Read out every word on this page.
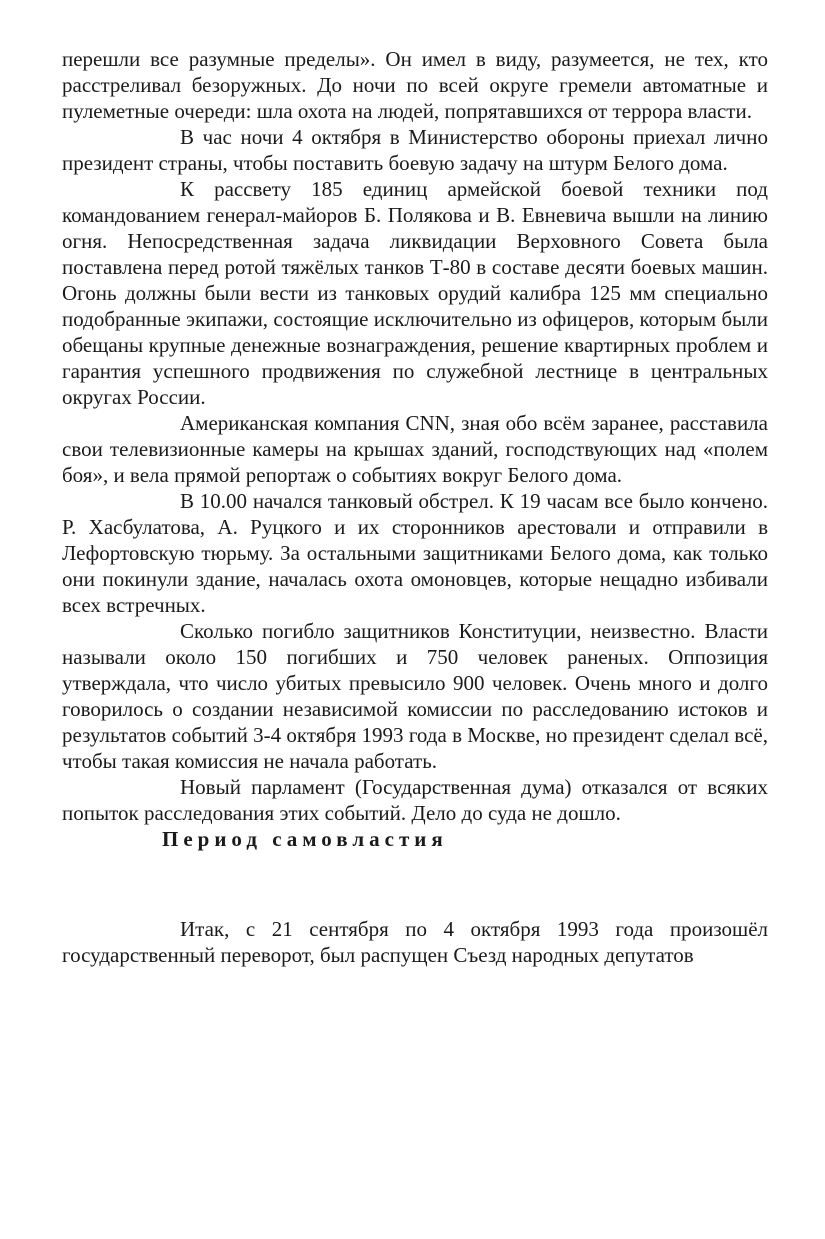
перешли все разумные пределы». Он имел в виду, разумеется, не тех, кто расстреливал безоружных. До ночи по всей округе гремели автоматные и пулеметные очереди: шла охота на людей, попрятавшихся от террора власти.

В час ночи 4 октября в Министерство обороны приехал лично президент страны, чтобы поставить боевую задачу на штурм Белого дома.

К рассвету 185 единиц армейской боевой техники под командованием генерал-майоров Б. Полякова и В. Евневича вышли на линию огня. Непосредственная задача ликвидации Верховного Совета была поставлена перед ротой тяжёлых танков Т-80 в составе десяти боевых машин. Огонь должны были вести из танковых орудий калибра 125 мм специально подобранные экипажи, состоящие исключительно из офицеров, которым были обещаны крупные денежные вознаграждения, решение квартирных проблем и гарантия успешного продвижения по служебной лестнице в центральных округах России.

Американская компания CNN, зная обо всём заранее, расставила свои телевизионные камеры на крышах зданий, господствующих над «полем боя», и вела прямой репортаж о событиях вокруг Белого дома.

В 10.00 начался танковый обстрел. К 19 часам все было кончено. Р. Хасбулатова, А. Руцкого и их сторонников арестовали и отправили в Лефортовскую тюрьму. За остальными защитниками Белого дома, как только они покинули здание, началась охота омоновцев, которые нещадно избивали всех встречных.

Сколько погибло защитников Конституции, неизвестно. Власти называли около 150 погибших и 750 человек раненых. Оппозиция утверждала, что число убитых превысило 900 человек. Очень много и долго говорилось о создании независимой комиссии по расследованию истоков и результатов событий 3-4 октября 1993 года в Москве, но президент сделал всё, чтобы такая комиссия не начала работать.

Новый парламент (Государственная дума) отказался от всяких попыток расследования этих событий. Дело до суда не дошло.

Период самовластия

Итак, с 21 сентября по 4 октября 1993 года произошёл государственный переворот, был распущен Съезд народных депутатов
